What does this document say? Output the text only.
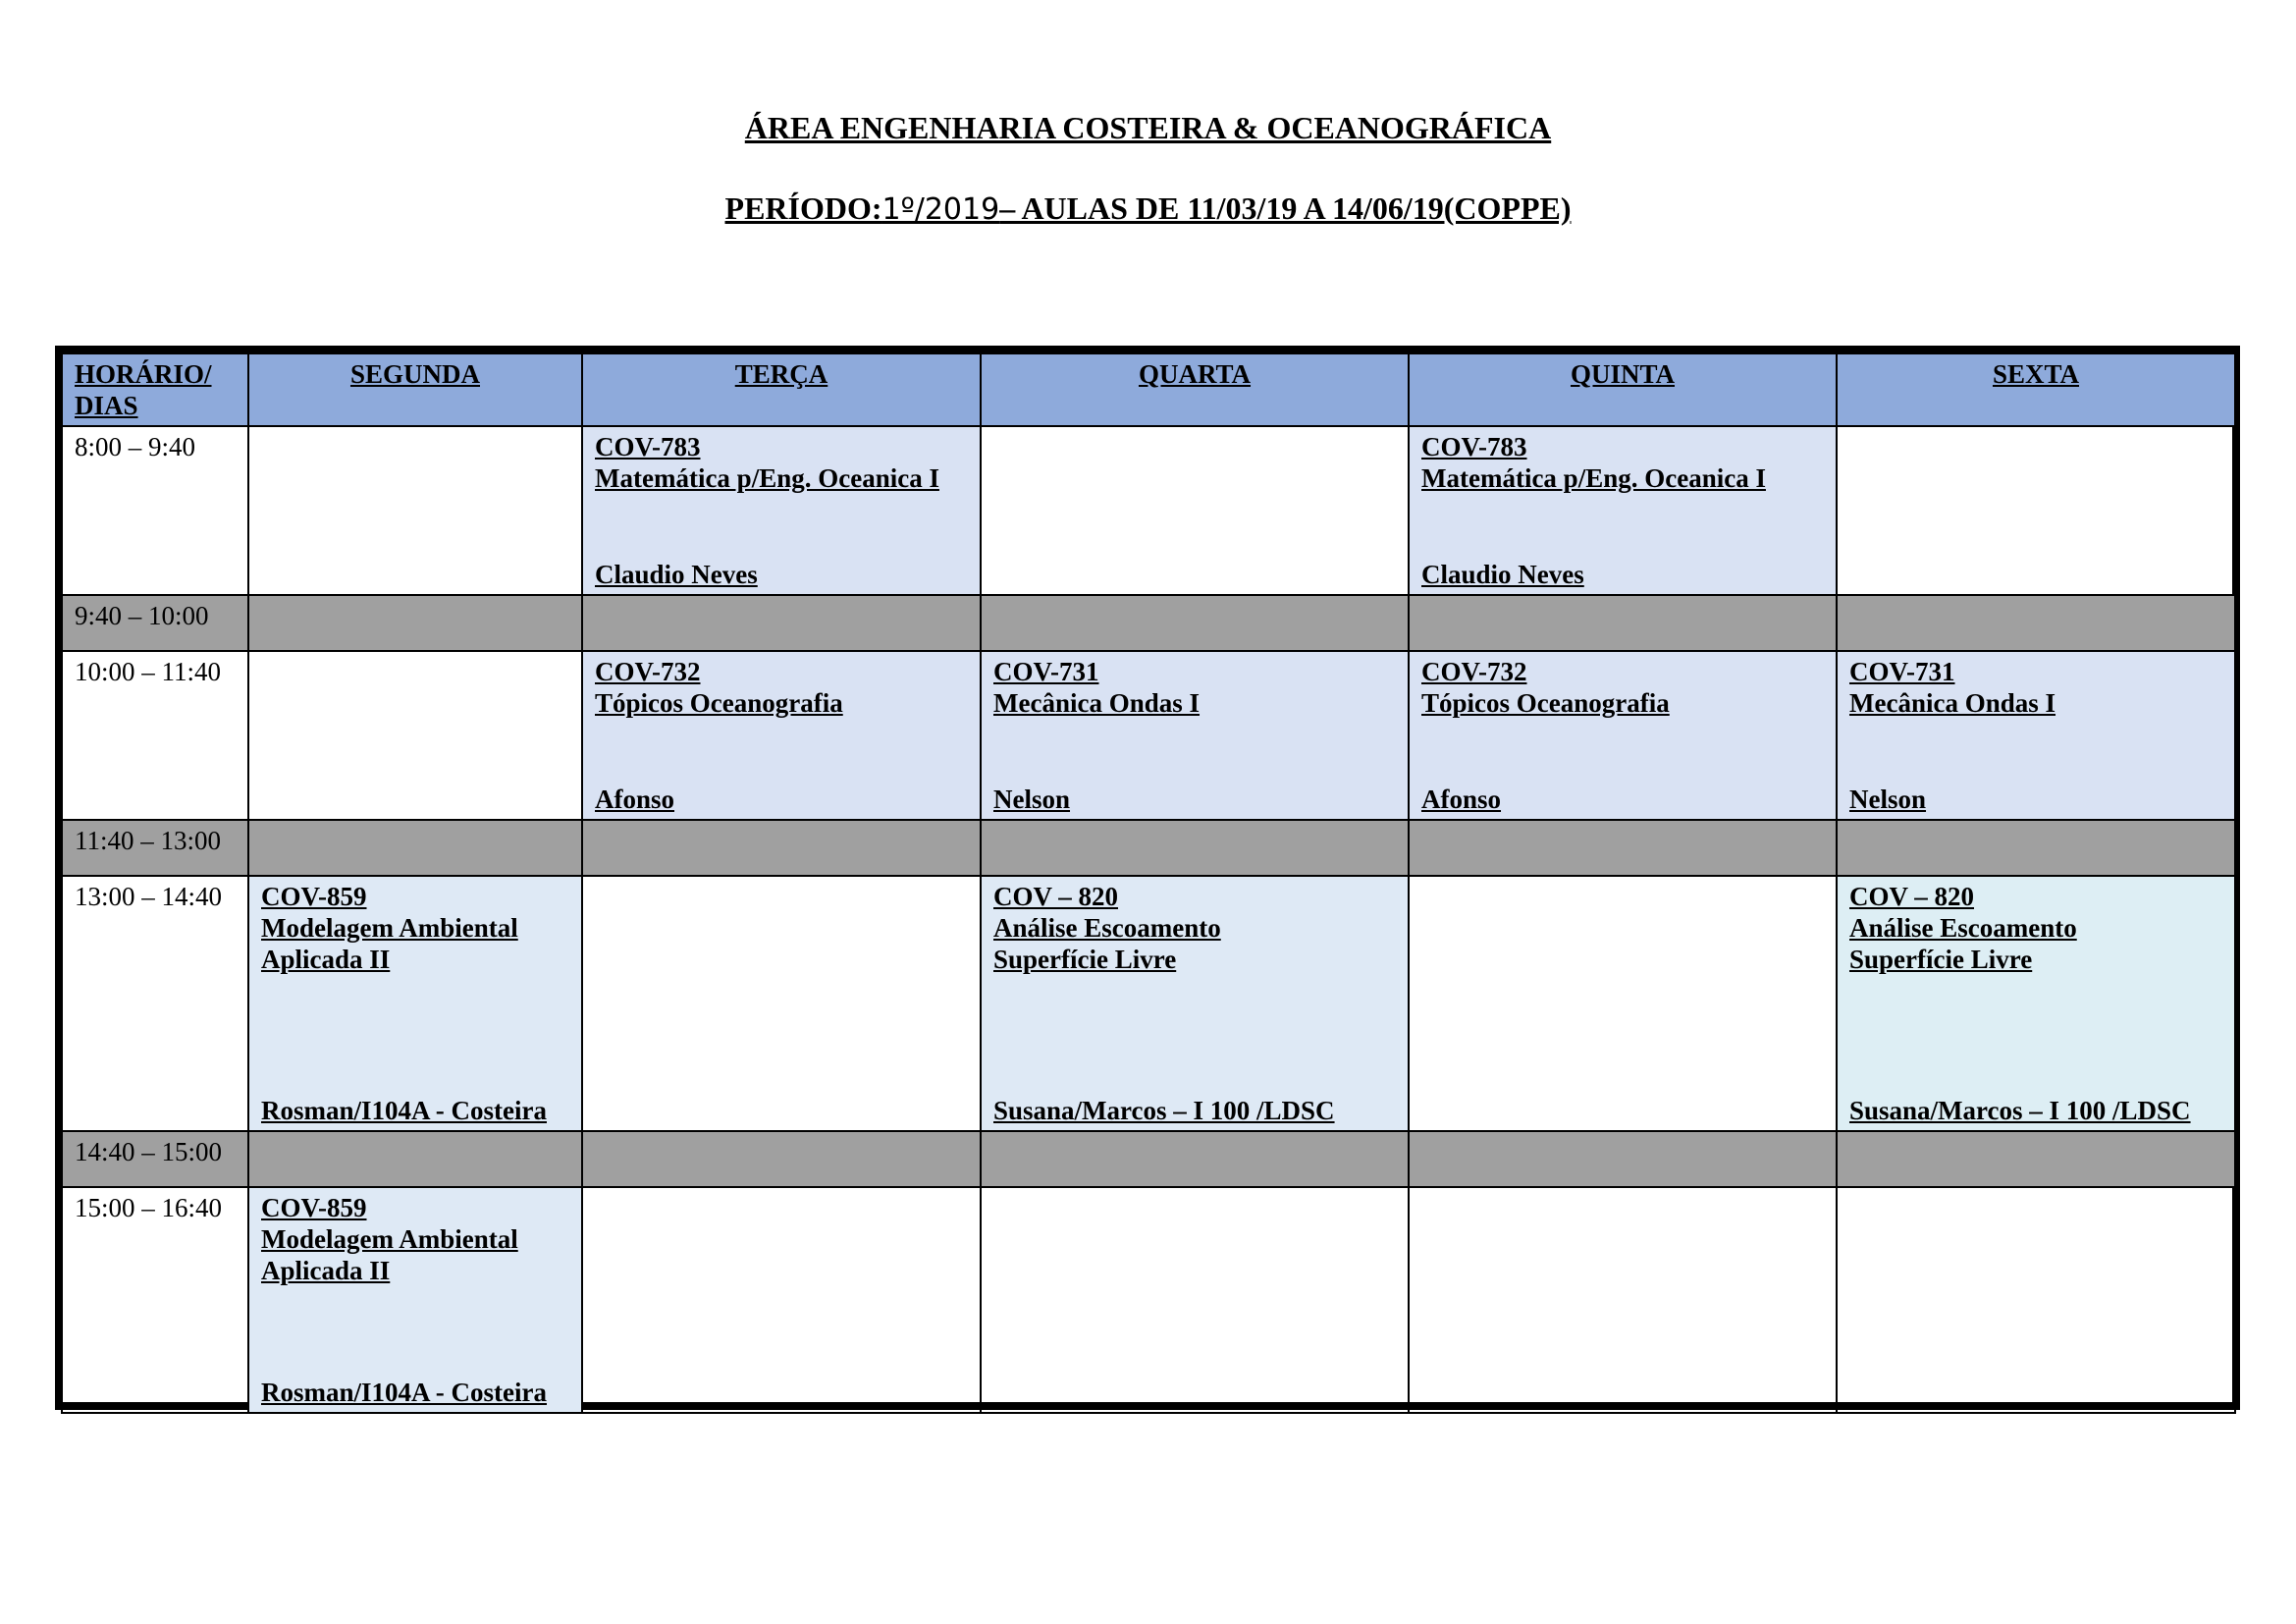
ÁREA ENGENHARIA COSTEIRA & OCEANOGRÁFICA
PERÍODO:1º/2019– AULAS DE 11/03/19 A 14/06/19(COPPE)
HORÁRIO/ DIAS	SEGUNDA	TERÇA	QUARTA	QUINTA	SEXTA
8:00 – 9:40		COV-783
Matemática p/Eng. Oceanica I
Claudio Neves		COV-783
Matemática p/Eng. Oceanica I
Claudio Neves	

9:40 – 10:00					
10:00 – 11:40		COV-732
Tópicos Oceanografia
Afonso	COV-731
Mecânica Ondas I
Nelson	COV-732
Tópicos Oceanografia
Afonso	COV-731
Mecânica Ondas I
Nelson

11:40 – 13:00					
13:00 – 14:40	COV-859
Modelagem Ambiental
Aplicada II
Rosman/I104A - Costeira		COV – 820
Análise Escoamento
Superfície Livre
Susana/Marcos – I 100 /LDSC		COV – 820
Análise Escoamento
Superfície Livre
Susana/Marcos – I 100 /LDSC

14:40 – 15:00					
15:00 – 16:40	COV-859
Modelagem Ambiental
Aplicada II
Rosman/I104A - Costeira				
